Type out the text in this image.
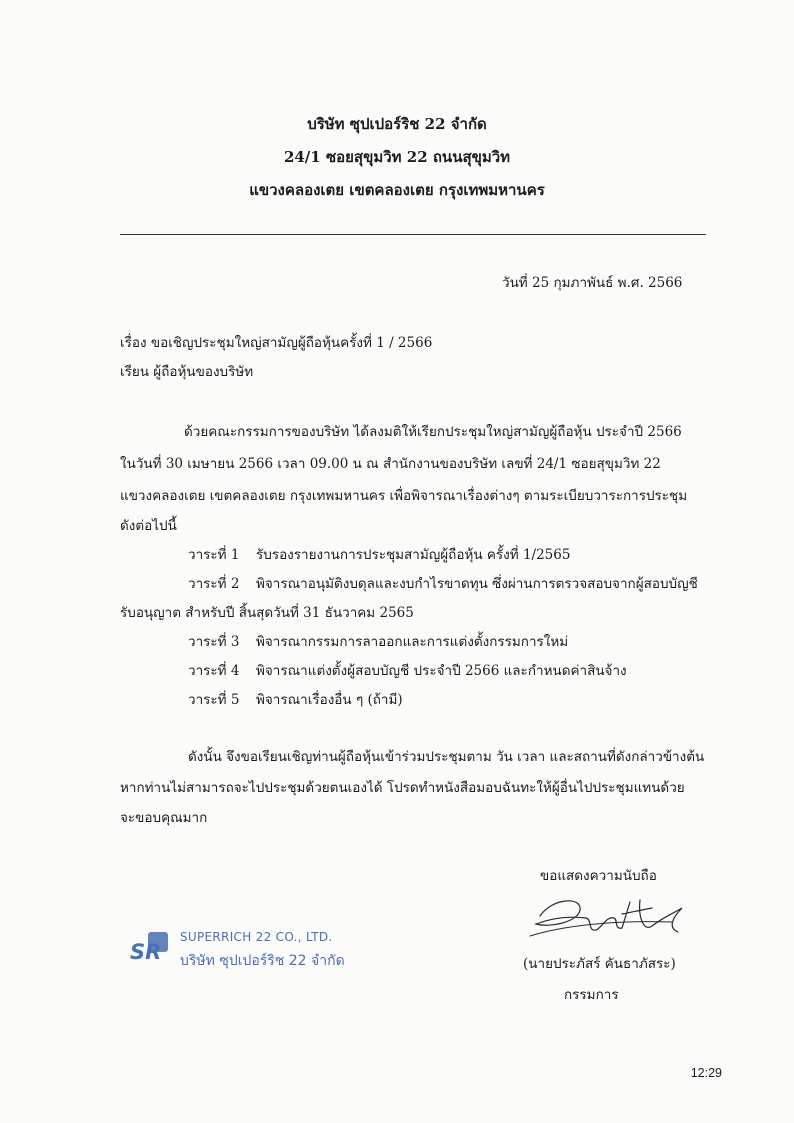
บริษัท ซุปเปอร์ริช 22 จำกัด
24/1 ซอยสุขุมวิท 22 ถนนสุขุมวิท
แขวงคลองเตย เขตคลองเตย กรุงเทพมหานคร
วันที่ 25 กุมภาพันธ์ พ.ศ. 2566
เรื่อง ขอเชิญประชุมใหญ่สามัญผู้ถือหุ้นครั้งที่ 1 / 2566
เรียน ผู้ถือหุ้นของบริษัท
ด้วยคณะกรรมการของบริษัท ได้ลงมติให้เรียกประชุมใหญ่สามัญผู้ถือหุ้น ประจำปี 2566
ในวันที่ 30 เมษายน 2566 เวลา 09.00 น ณ สำนักงานของบริษัท เลขที่ 24/1 ซอยสุขุมวิท 22
แขวงคลองเตย เขตคลองเตย กรุงเทพมหานคร เพื่อพิจารณาเรื่องต่างๆ ตามระเบียบวาระการประชุม
ดังต่อไปนี้
วาระที่ 1 รับรองรายงานการประชุมสามัญผู้ถือหุ้น ครั้งที่ 1/2565
วาระที่ 2 พิจารณาอนุมัติงบดุลและงบกำไรขาดทุน ซึ่งผ่านการตรวจสอบจากผู้สอบบัญชี
รับอนุญาต สำหรับปี สิ้นสุดวันที่ 31 ธันวาคม 2565
วาระที่ 3 พิจารณากรรมการลาออกและการแต่งตั้งกรรมการใหม่
วาระที่ 4 พิจารณาแต่งตั้งผู้สอบบัญชี ประจำปี 2566 และกำหนดค่าสินจ้าง
วาระที่ 5 พิจารณาเรื่องอื่น ๆ (ถ้ามี)
ดังนั้น จึงขอเรียนเชิญท่านผู้ถือหุ้นเข้าร่วมประชุมตาม วัน เวลา และสถานที่ดังกล่าวข้างต้น
หากท่านไม่สามารถจะไปประชุมด้วยตนเองได้ โปรดทำหนังสือมอบฉันทะให้ผู้อื่นไปประชุมแทนด้วย
จะขอบคุณมาก
ขอแสดงความนับถือ
(นายประภัสร์ คันธาภัสระ)
กรรมการ
SR
SUPERRICH 22 CO., LTD.
บริษัท ซุปเปอร์ริช 22 จำกัด
12:29
